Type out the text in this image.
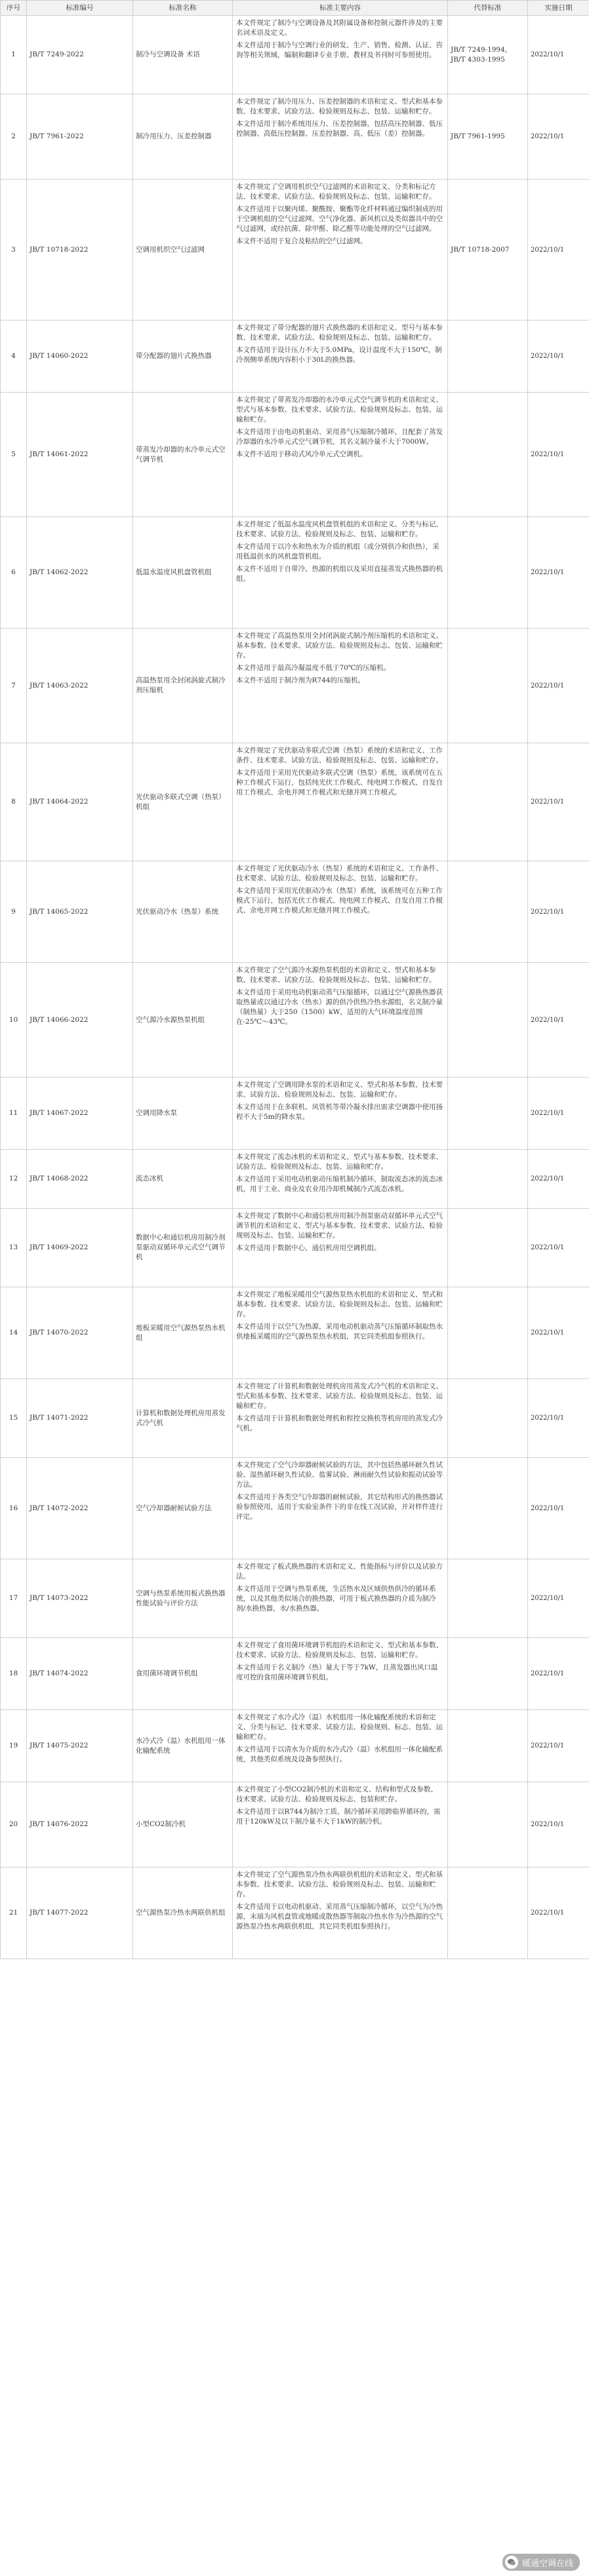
序号	标准编号	标准名称	标准主要内容	代替标准	实施日期
1	JB/T 7249-2022	制冷与空调设备 术语	本文件规定了制冷与空调设备及其附属设备和控制元器件涉及的主要名词术语及定义。

本文件适用于制冷与空调行业的研发、生产、销售、检测、认证、咨询等相关领域，编制和翻译专业手册、教材及书刊时可参照使用。	JB/T 7249-1994，JB/T 4303-1995	2022/10/1
2	JB/T 7961-2022	制冷用压力、压差控制器	本文件规定了制冷用压力、压差控制器的术语和定义、型式和基本参数、技术要求、试验方法、检验规则及标志、包装、运输和贮存。

本文件适用于制冷系统用压力、压差控制器，包括高压控制器、低压控制器、高低压控制器、压差控制器、高、低压（差）控制器。	JB/T 7961-1995	2022/10/1
3	JB/T 10718-2022	空调用机织空气过滤网	本文件规定了空调用机织空气过滤网的术语和定义、分类和标记方法、技术要求、试验方法、检验规则及标志、包装、运输和贮存。

本文件适用于以聚丙烯、聚酰胺、聚酯等化纤材料通过编织制成的用于空调机组的空气过滤网、空气净化器、新风机以及类似器具中的空气过滤网，或经抗菌、除甲醛、除乙醛等功能处理的空气过滤网。

本文件不适用于复合及粘结的空气过滤网。	JB/T 10718-2007	2022/10/1
4	JB/T 14060-2022	带分配器的翅片式换热器	本文件规定了带分配器的翅片式换热器的术语和定义、型号与基本参数、技术要求、试验方法、检验规则及标志、包装、运输和贮存。

本文件适用于设计压力不大于5.0MPa，设计温度不大于150℃，制冷剂侧单系统内容积小于30L的换热器。		2022/10/1
5	JB/T 14061-2022	带蒸发冷却器的水冷单元式空气调节机	本文件规定了带蒸发冷却器的水冷单元式空气调节机的术语和定义、型式与基本参数、技术要求、试验方法、检验规则及标志、包装、运输和贮存。

本文件适用于由电动机驱动、采用蒸气压缩制冷循环，且配套了蒸发冷却器的水冷单元式空气调节机，其名义制冷量不大于7000W。

本文件不适用于移动式风冷单元式空调机。		2022/10/1
6	JB/T 14062-2022	低温水温度风机盘管机组	本文件规定了低温水温度风机盘管机组的术语和定义、分类与标记、技术要求、试验方法、检验规则及标志、包装、运输和贮存。

本文件适用于以冷水和热水为介质的机组（或分别供冷和供热），采用低温供水的风机盘管机组。

本文件不适用于自带冷、热源的机组以及采用直接蒸发式换热器的机组。		2022/10/1
7	JB/T 14063-2022	高温热泵用全封闭涡旋式制冷剂压缩机	本文件规定了高温热泵用全封闭涡旋式制冷剂压缩机的术语和定义、基本参数、技术要求、试验方法、检验规则及标志、包装、运输和贮存。

本文件适用于最高冷凝温度不低于70℃的压缩机。

本文件不适用于制冷剂为R744的压缩机。		2022/10/1
8	JB/T 14064-2022	光伏驱动多联式空调（热泵）机组	本文件规定了光伏驱动多联式空调（热泵）系统的术语和定义、工作条件、技术要求、试验方法、检验规则及标志、包装、运输和贮存。

本文件适用于采用光伏驱动多联式空调（热泵）系统，该系统可在五种工作模式下运行，包括纯光伏工作模式、纯电网工作模式、自发自用工作模式、余电并网工作模式和光储并网工作模式。		2022/10/1
9	JB/T 14065-2022	光伏驱动冷水（热泵）系统	本文件规定了光伏驱动冷水（热泵）系统的术语和定义、工作条件、技术要求、试验方法、检验规则及标志、包装、运输和贮存。

本文件适用于采用光伏驱动冷水（热泵）系统，该系统可在五种工作模式下运行，包括光伏工作模式、纯电网工作模式、自发自用工作模式、余电并网工作模式和光储并网工作模式。		2022/10/1
10	JB/T 14066-2022	空气源冷水源热泵机组	本文件规定了空气源冷水源热泵机组的术语和定义、型式和基本参数、技术要求、试验方法、检验规则及标志、包装、运输和贮存。

本文件适用于采用电动机驱动蒸气压缩循环，以通过空气源换热器获取热量或以通过冷水（热水）源的供冷供热冷热水源组，名义制冷量（制热量）大于250（1500）kW，适用的大气环境温度范围在-25℃～43℃。		2022/10/1
11	JB/T 14067-2022	空调用降水泵	本文件规定了空调用降水泵的术语和定义、型式和基本参数、技术要求、试验方法、检验规则及标志、包装、运输和贮存。

本文件适用于在多联机、风管机等带冷凝水排出需求空调器中使用扬程不大于5m的降水泵。		2022/10/1
12	JB/T 14068-2022	流态冰机	本文件规定了流态冰机的术语和定义、型式与基本参数、技术要求、试验方法、检验规则及标志、包装、运输和贮存。

本文件适用于采用电动机驱动压缩机制冷循环，制取流态冰的流态冰机，用于工业、商业及农业用冷却机械制冷式流态冰机。		2022/10/1
13	JB/T 14069-2022	数据中心和通信机房用制冷剂泵驱动双循环单元式空气调节机	本文件规定了数据中心和通信机房用制冷剂泵驱动双循环单元式空气调节机的术语和定义、型式与基本参数、技术要求、试验方法、检验规则及标志、包装、运输和贮存。

本文件适用于数据中心、通信机房用空调机组。		2022/10/1
14	JB/T 14070-2022	地板采暖用空气源热泵热水机组	本文件规定了地板采暖用空气源热泵热水机组的术语和定义、型式和基本参数、技术要求、试验方法、检验规则及标志、包装、运输和贮存。

本文件适用于以空气为热源，采用电动机驱动蒸气压缩循环制取热水供地板采暖用的空气源热泵热水机组，其它同类机组参照执行。		2022/10/1
15	JB/T 14071-2022	计算机和数据处理机房用蒸发式冷气机	本文件规定了计算机和数据处理机房用蒸发式冷气机的术语和定义、型式和基本参数、技术要求、试验方法、检验规则及标志、包装、运输和贮存。

本文件适用于计算机和数据处理机和程控交换机等机房用的蒸发式冷气机。		2022/10/1
16	JB/T 14072-2022	空气冷却器耐候试验方法	本文件规定了空气冷却器耐候试验的方法，其中包括热循环耐久性试验、湿热循环耐久性试验、盐雾试验、淋雨耐久性试验和振动试验等方法。

本文件适用于各类空气冷却器的耐候试验，其它结构形式的换热器试验参照使用，适用于实验室条件下的非在线工况试验，并对样件进行评定。		2022/10/1
17	JB/T 14073-2022	空调与热泵系统用板式换热器性能试验与评价方法	本文件规定了板式换热器的术语和定义、性能指标与评价以及试验方法。

本文件适用于空调与热泵系统，生活热水及区域供热供冷的循环系统，以及其他类似场合的换热器，可用于板式换热器的介质为制冷剂/水换热器，水/水换热器。		2022/10/1
18	JB/T 14074-2022	食用菌环境调节机组	本文件规定了食用菌环境调节机组的术语和定义、型式和基本参数、技术要求、试验方法、检验规则及标志、包装、运输和贮存。

本文件适用于名义制冷（热）量大于等于7kW，且蒸发器出风口温度可控的食用菌环境调节机组。		2022/10/1
19	JB/T 14075-2022	水冷式冷（温）水机组用一体化输配系统	本文件规定了水冷式冷（温）水机组用一体化输配系统的术语和定义、分类与标记、技术要求、试验方法、检验规则、标志、包装、运输和贮存。

本文件适用于以清水为介质的水冷式冷（温）水机组用一体化输配系统，其他类似系统及设备参照执行。		2022/10/1
20	JB/T 14076-2022	小型CO2制冷机	本文件规定了小型CO2制冷机的术语和定义、结构和型式及参数、技术要求、试验方法、检验规则及标志、包装和贮存。

本文件适用于以R744为制冷工质，制冷循环采用跨临界循环的，需用于120kW及以下制冷量不大于1kW的制冷机。		2022/10/1
21	JB/T 14077-2022	空气源热泵冷热水两联供机组	本文件规定了空气源热泵冷热水两联供机组的术语和定义、型式和基本参数、技术要求、试验方法、检验规则及标志、包装、运输和贮存。

本文件适用于以电动机驱动、采用蒸气压缩制冷循环，以空气为冷热源，末端为风机盘管或地暖或散热器等制取冷热水作为冷热源的空气源热泵冷热水两联供机组，其它同类机组参照执行。		2022/10/1
暖通空调在线
